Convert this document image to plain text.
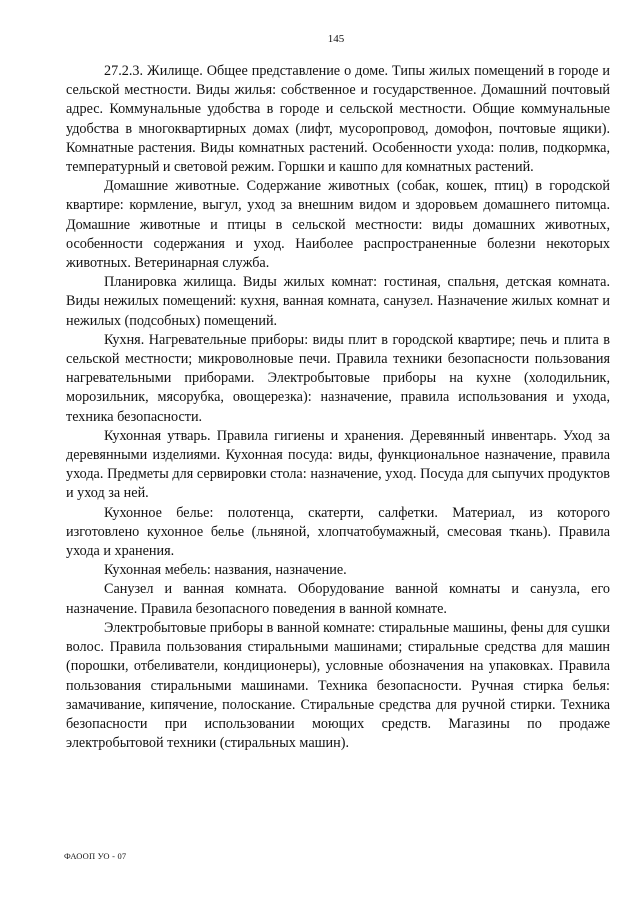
145

27.2.3. Жилище. Общее представление о доме. Типы жилых помещений в городе и сельской местности. Виды жилья: собственное и государственное. Домашний почтовый адрес. Коммунальные удобства в городе и сельской местности. Общие коммунальные удобства в многоквартирных домах (лифт, мусоропровод, домофон, почтовые ящики). Комнатные растения. Виды комнатных растений. Особенности ухода: полив, подкормка, температурный и световой режим. Горшки и кашпо для комнатных растений.

Домашние животные. Содержание животных (собак, кошек, птиц) в городской квартире: кормление, выгул, уход за внешним видом и здоровьем домашнего питомца. Домашние животные и птицы в сельской местности: виды домашних животных, особенности содержания и уход. Наиболее распространенные болезни некоторых животных. Ветеринарная служба.

Планировка жилища. Виды жилых комнат: гостиная, спальня, детская комната. Виды нежилых помещений: кухня, ванная комната, санузел. Назначение жилых комнат и нежилых (подсобных) помещений.

Кухня. Нагревательные приборы: виды плит в городской квартире; печь и плита в сельской местности; микроволновые печи. Правила техники безопасности пользования нагревательными приборами. Электробытовые приборы на кухне (холодильник, морозильник, мясорубка, овощерезка): назначение, правила использования и ухода, техника безопасности.

Кухонная утварь. Правила гигиены и хранения. Деревянный инвентарь. Уход за деревянными изделиями. Кухонная посуда: виды, функциональное назначение, правила ухода. Предметы для сервировки стола: назначение, уход. Посуда для сыпучих продуктов и уход за ней.

Кухонное белье: полотенца, скатерти, салфетки. Материал, из которого изготовлено кухонное белье (льняной, хлопчатобумажный, смесовая ткань). Правила ухода и хранения.

Кухонная мебель: названия, назначение.

Санузел и ванная комната. Оборудование ванной комнаты и санузла, его назначение. Правила безопасного поведения в ванной комнате.

Электробытовые приборы в ванной комнате: стиральные машины, фены для сушки волос. Правила пользования стиральными машинами; стиральные средства для машин (порошки, отбеливатели, кондиционеры), условные обозначения на упаковках. Правила пользования стиральными машинами. Техника безопасности. Ручная стирка белья: замачивание, кипячение, полоскание. Стиральные средства для ручной стирки. Техника безопасности при использовании моющих средств. Магазины по продаже электробытовой техники (стиральных машин).

ФАООП УО - 07
